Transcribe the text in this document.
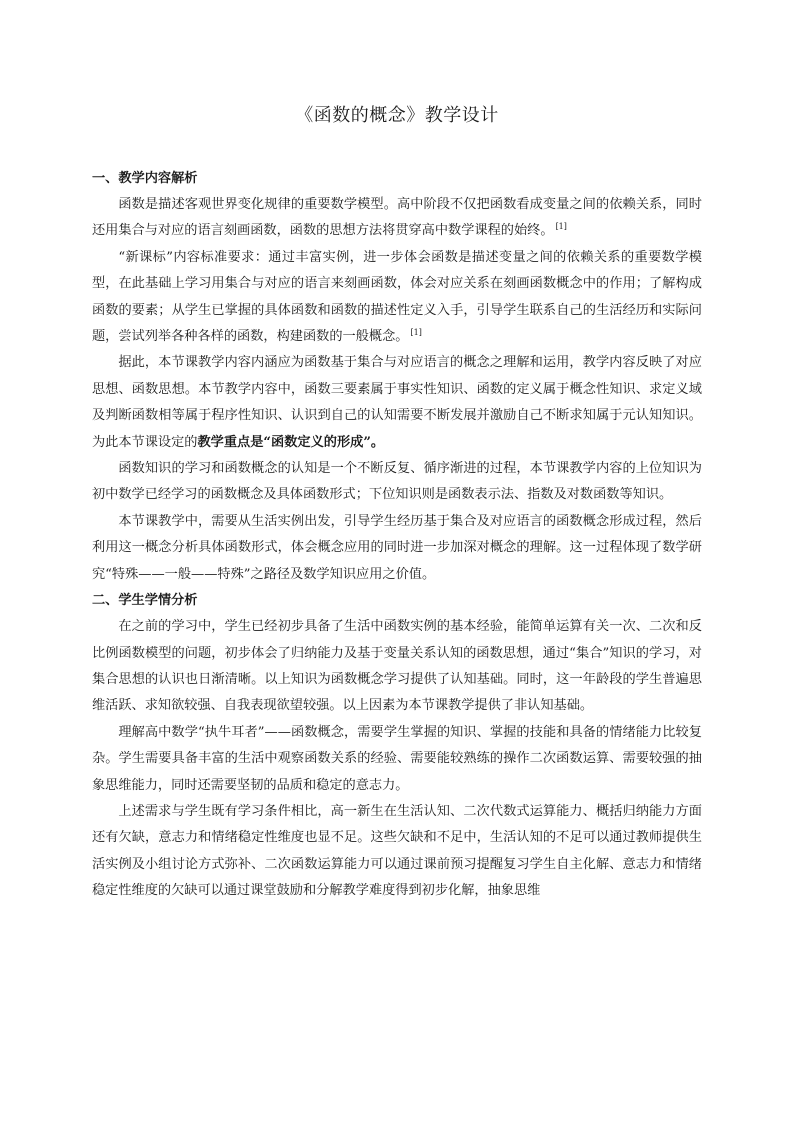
《函数的概念》教学设计
一、教学内容解析

函数是描述客观世界变化规律的重要数学模型。高中阶段不仅把函数看成变量之间的依赖关系，同时还用集合与对应的语言刻画函数，函数的思想方法将贯穿高中数学课程的始终。 [1]

“新课标”内容标准要求：通过丰富实例，进一步体会函数是描述变量之间的依赖关系的重要数学模型，在此基础上学习用集合与对应的语言来刻画函数，体会对应关系在刻画函数概念中的作用；了解构成函数的要素；从学生已掌握的具体函数和函数的描述性定义入手，引导学生联系自己的生活经历和实际问题，尝试列举各种各样的函数，构建函数的一般概念。 [1]

据此，本节课教学内容内涵应为函数基于集合与对应语言的概念之理解和运用，教学内容反映了对应思想、函数思想。本节教学内容中，函数三要素属于事实性知识、函数的定义属于概念性知识、求定义域及判断函数相等属于程序性知识、认识到自己的认知需要不断发展并激励自己不断求知属于元认知知识。为此本节课设定的教学重点是“函数定义的形成”。

函数知识的学习和函数概念的认知是一个不断反复、循序渐进的过程，本节课教学内容的上位知识为初中数学已经学习的函数概念及具体函数形式；下位知识则是函数表示法、指数及对数函数等知识。

本节课教学中，需要从生活实例出发，引导学生经历基于集合及对应语言的函数概念形成过程，然后利用这一概念分析具体函数形式，体会概念应用的同时进一步加深对概念的理解。这一过程体现了数学研究“特殊——一般——特殊”之路径及数学知识应用之价值。

二、学生学情分析

在之前的学习中，学生已经初步具备了生活中函数实例的基本经验，能简单运算有关一次、二次和反比例函数模型的问题，初步体会了归纳能力及基于变量关系认知的函数思想，通过“集合”知识的学习，对集合思想的认识也日渐清晰。以上知识为函数概念学习提供了认知基础。同时，这一年龄段的学生普遍思维活跃、求知欲较强、自我表现欲望较强。以上因素为本节课教学提供了非认知基础。

理解高中数学“执牛耳者”——函数概念，需要学生掌握的知识、掌握的技能和具备的情绪能力比较复杂。学生需要具备丰富的生活中观察函数关系的经验、需要能较熟练的操作二次函数运算、需要较强的抽象思维能力，同时还需要坚韧的品质和稳定的意志力。

上述需求与学生既有学习条件相比，高一新生在生活认知、二次代数式运算能力、概括归纳能力方面还有欠缺，意志力和情绪稳定性维度也显不足。这些欠缺和不足中，生活认知的不足可以通过教师提供生活实例及小组讨论方式弥补、二次函数运算能力可以通过课前预习提醒复习学生自主化解、意志力和情绪稳定性维度的欠缺可以通过课堂鼓励和分解教学难度得到初步化解，抽象思维
